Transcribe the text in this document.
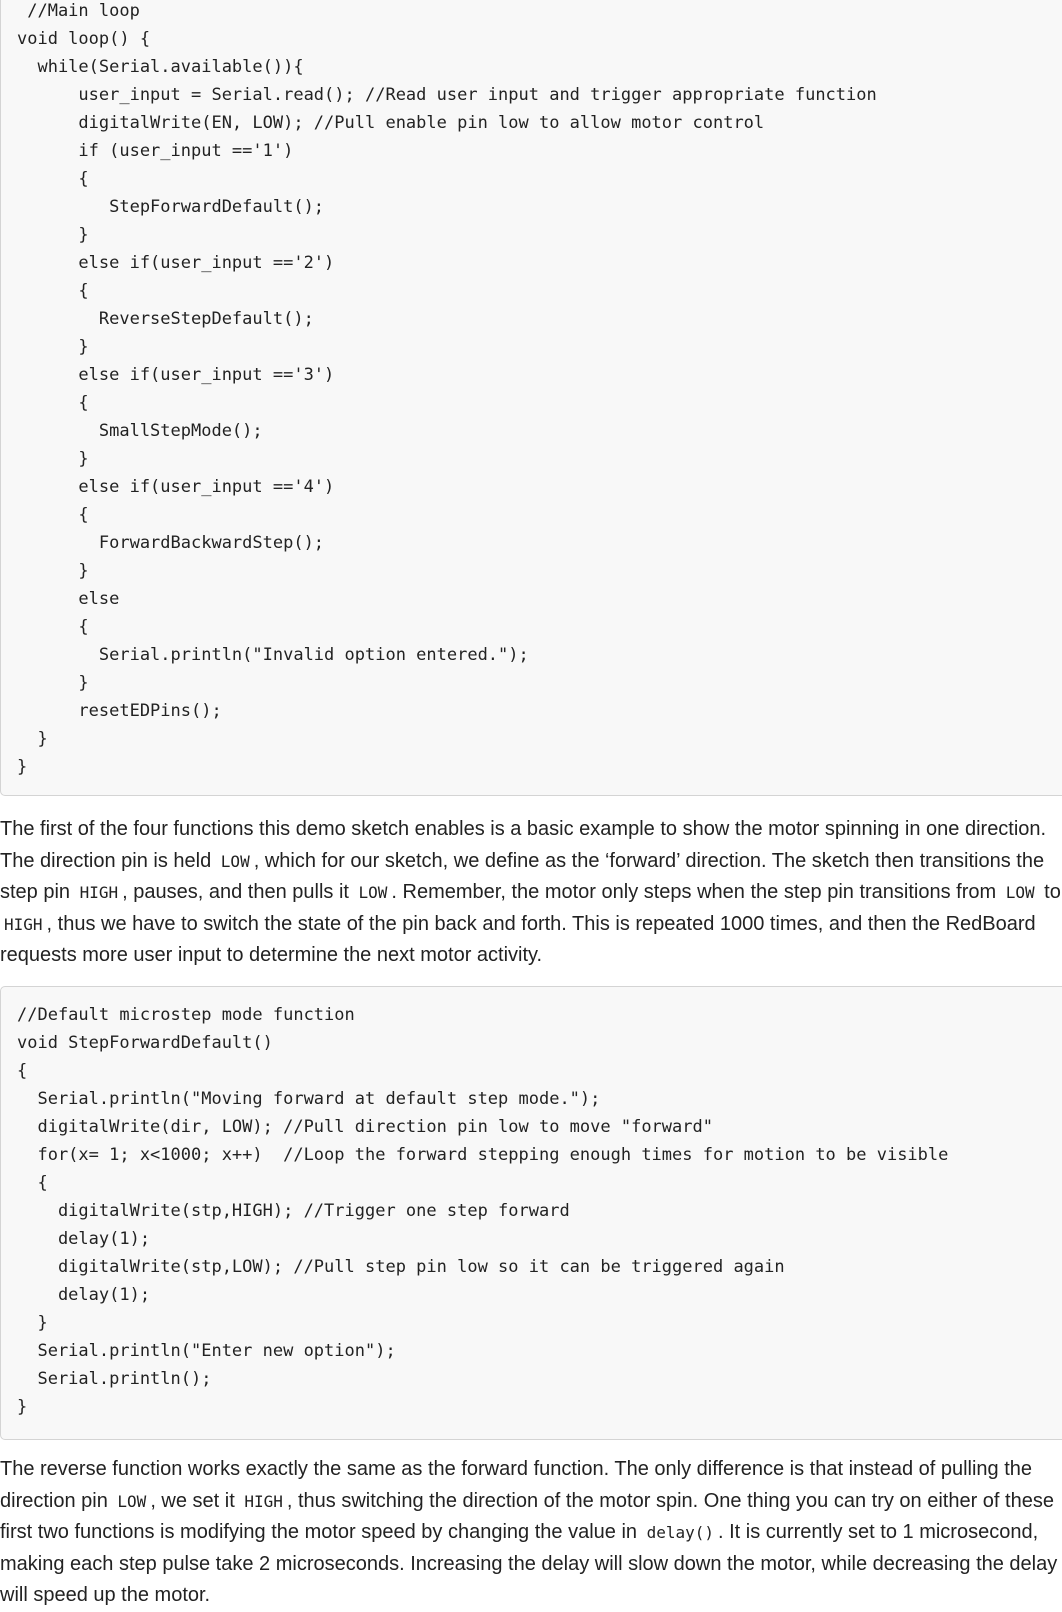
//Main loop
void loop() {
while(Serial.available()){
user_input = Serial.read(); //Read user input and trigger appropriate function
digitalWrite(EN, LOW); //Pull enable pin low to allow motor control
if (user_input =='1')
{
StepForwardDefault();
}
else if(user_input =='2')
{
ReverseStepDefault();
}
else if(user_input =='3')
{
SmallStepMode();
}
else if(user_input =='4')
{
ForwardBackwardStep();
}
else
{
Serial.println("Invalid option entered.");
}
resetEDPins();
}
}

The first of the four functions this demo sketch enables is a basic example to show the motor spinning in one direction. The direction pin is held LOW , which for our sketch, we define as the ‘forward’ direction. The sketch then transitions the step pin HIGH , pauses, and then pulls it LOW . Remember, the motor only steps when the step pin transitions from LOW to HIGH , thus we have to switch the state of the pin back and forth. This is repeated 1000 times, and then the RedBoard requests more user input to determine the next motor activity.

//Default microstep mode function
void StepForwardDefault()
{
Serial.println("Moving forward at default step mode.");
digitalWrite(dir, LOW); //Pull direction pin low to move "forward"
for(x= 1; x<1000; x++)  //Loop the forward stepping enough times for motion to be visible
{
digitalWrite(stp,HIGH); //Trigger one step forward
delay(1);
digitalWrite(stp,LOW); //Pull step pin low so it can be triggered again
delay(1);
}
Serial.println("Enter new option");
Serial.println();
}

The reverse function works exactly the same as the forward function. The only difference is that instead of pulling the direction pin LOW , we set it HIGH , thus switching the direction of the motor spin. One thing you can try on either of these first two functions is modifying the motor speed by changing the value in delay() . It is currently set to 1 microsecond, making each step pulse take 2 microseconds. Increasing the delay will slow down the motor, while decreasing the delay will speed up the motor.
